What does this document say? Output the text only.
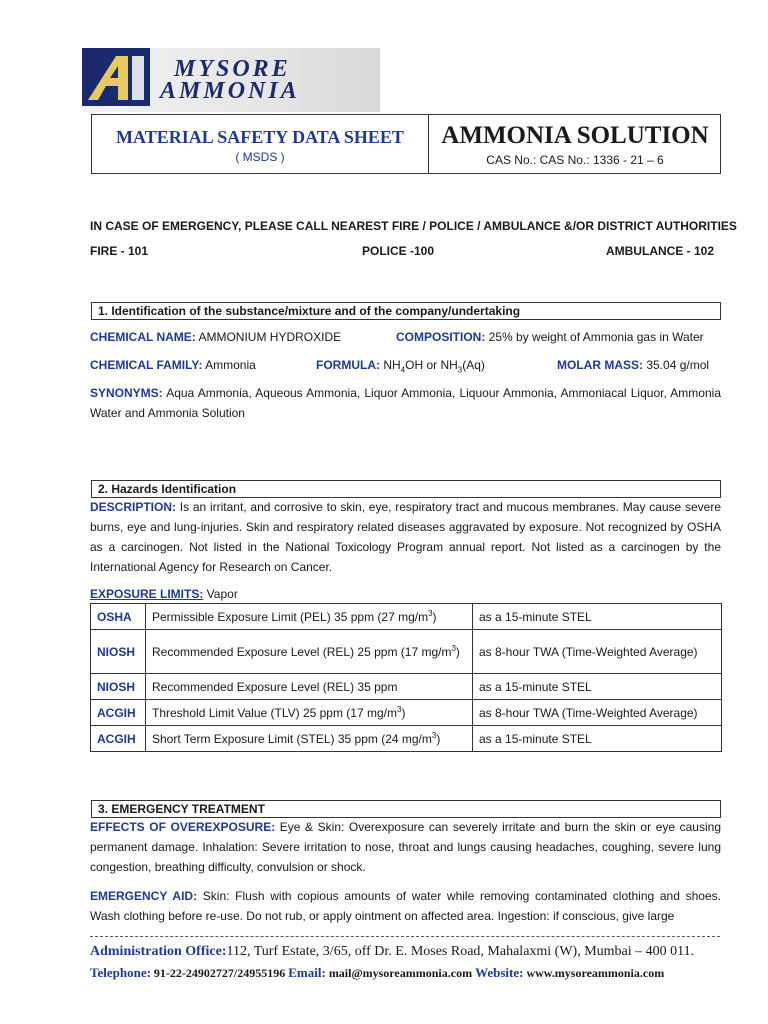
MYSORE
AMMONIA
MATERIAL SAFETY DATA SHEET
( MSDS )
AMMONIA SOLUTION
CAS No.: CAS No.: 1336 - 21 – 6
IN CASE OF EMERGENCY, PLEASE CALL NEAREST FIRE / POLICE / AMBULANCE &/OR DISTRICT AUTHORITIES
FIRE - 101	POLICE -100	AMBULANCE - 102
1. Identification of the substance/mixture and of the company/undertaking
CHEMICAL NAME: AMMONIUM HYDROXIDE	COMPOSITION: 25% by weight of Ammonia gas in Water
CHEMICAL FAMILY: Ammonia	FORMULA: $NH_4OH$ or $NH_3(Aq)$	MOLAR MASS: 35.04 g/mol
SYNONYMS: Aqua Ammonia, Aqueous Ammonia, Liquor Ammonia, Liquour Ammonia, Ammoniacal Liquor, Ammonia Water and Ammonia Solution
2. Hazards Identification
DESCRIPTION: Is an irritant, and corrosive to skin, eye, respiratory tract and mucous membranes. May cause severe burns, eye and lung-injuries. Skin and respiratory related diseases aggravated by exposure. Not recognized by OSHA as a carcinogen. Not listed in the National Toxicology Program annual report. Not listed as a carcinogen by the International Agency for Research on Cancer.
EXPOSURE LIMITS: Vapor
OSHA	Permissible Exposure Limit (PEL) 35 ppm (27 $mg/m^3$)	as a 15-minute STEL
NIOSH	Recommended Exposure Level (REL) 25 ppm (17 $mg/m^3$)	as 8-hour TWA (Time-Weighted Average)
NIOSH	Recommended Exposure Level (REL) 35 ppm	as a 15-minute STEL
ACGIH	Threshold Limit Value (TLV) 25 ppm (17 $mg/m^3$)	as 8-hour TWA (Time-Weighted Average)
ACGIH	Short Term Exposure Limit (STEL) 35 ppm (24 $mg/m^3$)	as a 15-minute STEL
3. EMERGENCY TREATMENT
EFFECTS OF OVEREXPOSURE: Eye & Skin: Overexposure can severely irritate and burn the skin or eye causing permanent damage. Inhalation: Severe irritation to nose, throat and lungs causing headaches, coughing, severe lung congestion, breathing difficulty, convulsion or shock.
EMERGENCY AID: Skin: Flush with copious amounts of water while removing contaminated clothing and shoes. Wash clothing before re-use. Do not rub, or apply ointment on affected area. Ingestion: if conscious, give large
Administration Office:112, Turf Estate, 3/65, off Dr. E. Moses Road, Mahalaxmi (W), Mumbai – 400 011.
Telephone: 91-22-24902727/24955196 Email: mail@mysoreammonia.com Website: www.mysoreammonia.com
